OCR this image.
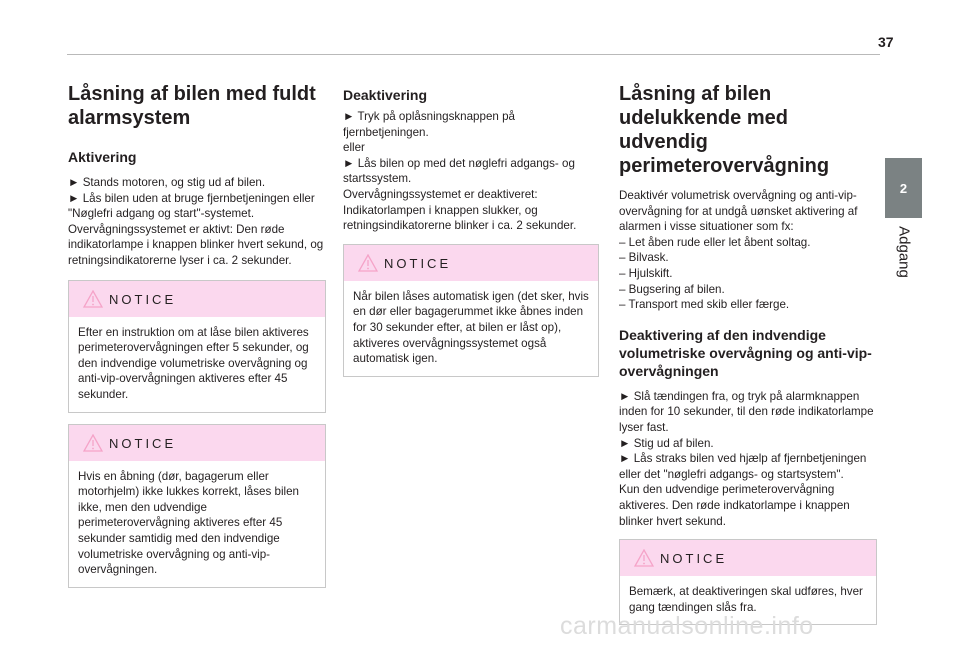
37
2
Adgang
Låsning af bilen med fuldt alarmsystem
Aktivering

► Stands motoren, og stig ud af bilen.

► Lås bilen uden at bruge fjernbetjeningen eller "Nøglefri adgang og start"-systemet.

Overvågningssystemet er aktivt: Den røde indikatorlampe i knappen blinker hvert sekund, og retningsindikatorerne lyser i ca. 2 sekunder.

NOTICE

Efter en instruktion om at låse bilen aktiveres perimeterovervågningen efter 5 sekunder, og den indvendige volumetriske overvågning og anti-vip-overvågningen aktiveres efter 45 sekunder.

NOTICE

Hvis en åbning (dør, bagagerum eller motorhjelm) ikke lukkes korrekt, låses bilen ikke, men den udvendige perimeterovervågning aktiveres efter 45 sekunder samtidig med den indvendige volumetriske overvågning og anti-vip-overvågningen.

Deaktivering

► Tryk på oplåsningsknappen på fjernbetjeningen.

eller

► Lås bilen op med det nøglefri adgangs- og startssystem.

Overvågningssystemet er deaktiveret: Indikatorlampen i knappen slukker, og retningsindikatorerne blinker i ca. 2 sekunder.

NOTICE

Når bilen låses automatisk igen (det sker, hvis en dør eller bagagerummet ikke åbnes inden for 30 sekunder efter, at bilen er låst op), aktiveres overvågningssystemet også automatisk igen.

Låsning af bilen udelukkende med udvendig perimeterovervågning

Deaktivér volumetrisk overvågning og anti-vip-overvågning for at undgå uønsket aktivering af alarmen i visse situationer som fx:

– Let åben rude eller let åbent soltag.

– Bilvask.

– Hjulskift.

– Bugsering af bilen.

– Transport med skib eller færge.

Deaktivering af den indvendige volumetriske overvågning og anti-vip-overvågningen

► Slå tændingen fra, og tryk på alarmknappen inden for 10 sekunder, til den røde indikatorlampe lyser fast.

► Stig ud af bilen.

► Lås straks bilen ved hjælp af fjernbetjeningen eller det "nøglefri adgangs- og startsystem".

Kun den udvendige perimeterovervågning aktiveres. Den røde indkatorlampe i knappen blinker hvert sekund.

NOTICE

Bemærk, at deaktiveringen skal udføres, hver gang tændingen slås fra.

carmanualsonline.info
